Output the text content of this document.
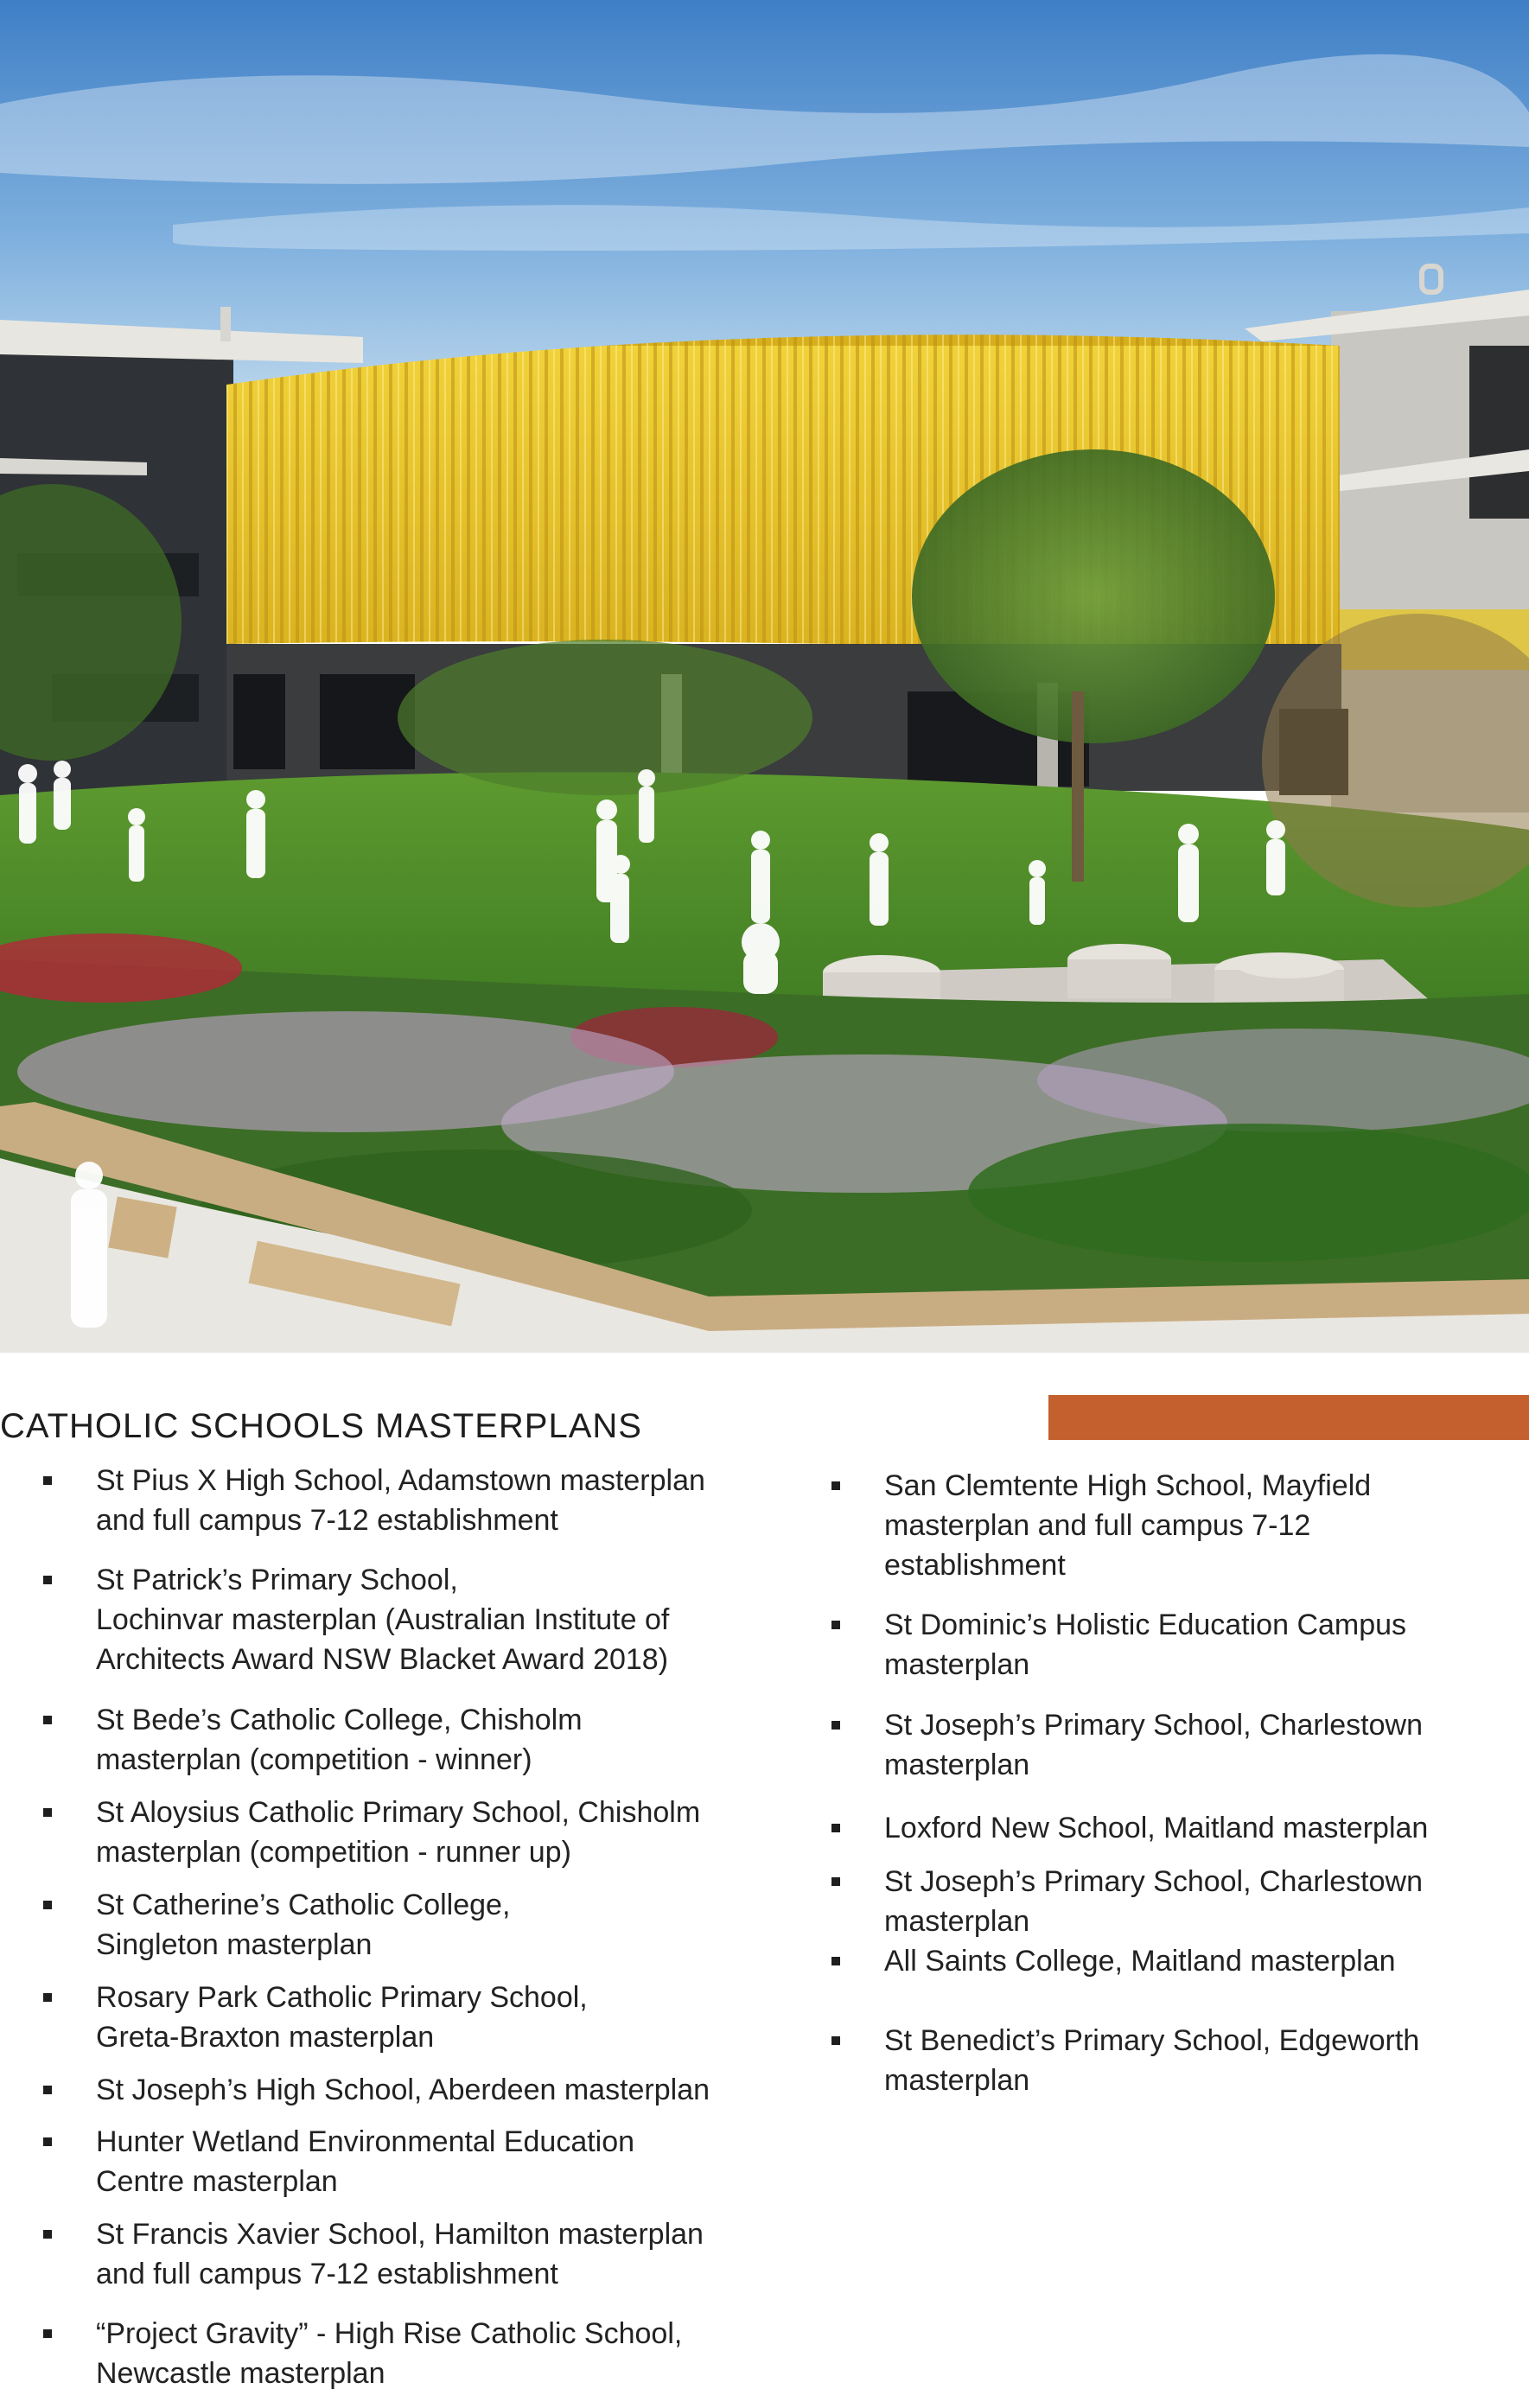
CATHOLIC SCHOOLS MASTERPLANS
St Pius X High School, Adamstown masterplan
and full campus 7-12 establishment
St Patrick’s Primary School,
Lochinvar masterplan (Australian Institute of
Architects Award NSW Blacket Award 2018)
St Bede’s Catholic College, Chisholm
masterplan (competition - winner)
St Aloysius Catholic Primary School, Chisholm
masterplan (competition - runner up)
St Catherine’s Catholic College,
Singleton masterplan
Rosary Park Catholic Primary School,
Greta-Braxton masterplan
St Joseph’s High School, Aberdeen masterplan
Hunter Wetland Environmental Education
Centre masterplan
St Francis Xavier School, Hamilton masterplan
and full campus 7-12 establishment
“Project Gravity” - High Rise Catholic School,
Newcastle masterplan
San Clemtente High School, Mayfield
masterplan and full campus 7-12
establishment
St Dominic’s Holistic Education Campus
masterplan
St Joseph’s Primary School, Charlestown
masterplan
Loxford New School, Maitland masterplan
St Joseph’s Primary School, Charlestown
masterplan
All Saints College, Maitland masterplan
St Benedict’s Primary School, Edgeworth
masterplan
